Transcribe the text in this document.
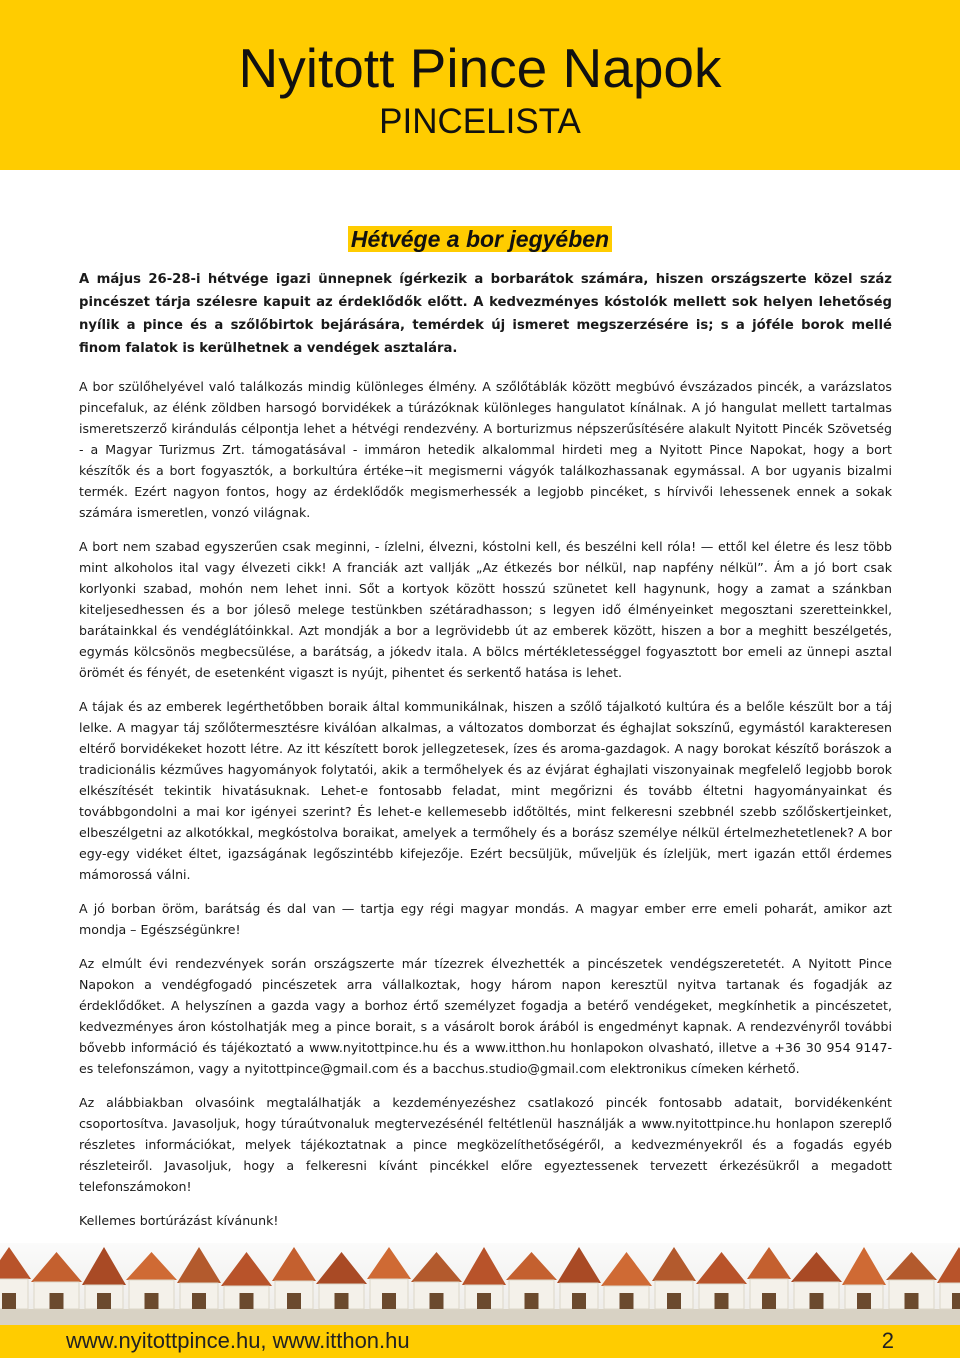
Nyitott Pince Napok
PINCELISTA
Hétvége a bor jegyében

A május 26-28-i hétvége igazi ünnepnek ígérkezik a borbarátok számára, hiszen országszerte közel száz pincészet tárja szélesre kapuit az érdeklődők előtt. A kedvezményes kóstolók mellett sok helyen lehetőség nyílik a pince és a szőlőbirtok bejárására, temérdek új ismeret megszerzésére is; s a jóféle borok mellé finom falatok is kerülhetnek a vendégek asztalára.

A bor szülőhelyével való találkozás mindig különleges élmény. A szőlőtáblák között megbúvó évszázados pincék, a varázslatos pincefaluk, az élénk zöldben harsogó borvidékek a túrázóknak különleges hangulatot kínálnak. A jó hangulat mellett tartalmas ismeretszerző kirándulás célpontja lehet a hétvégi rendezvény. A borturizmus népszerűsítésére alakult Nyitott Pincék Szövetség - a Magyar Turizmus Zrt. támogatásával - immáron hetedik alkalommal hirdeti meg a Nyitott Pince Napokat, hogy a bort készítők és a bort fogyasztók, a borkultúra értéke¬it megismerni vágyók találkozhassanak egymással. A bor ugyanis bizalmi termék. Ezért nagyon fontos, hogy az érdeklődők megismerhessék a legjobb pincéket, s hírvivői lehessenek ennek a sokak számára ismeretlen, vonzó világnak.

A bort nem szabad egyszerűen csak meginni, - ízlelni, élvezni, kóstolni kell, és beszélni kell róla! — ettől kel életre és lesz több mint alkoholos ital vagy élvezeti cikk! A franciák azt vallják „Az étkezés bor nélkül, nap napfény nélkül”. Ám a jó bort csak korlyonki szabad, mohón nem lehet inni. Sőt a kortyok között hosszú szünetet kell hagynunk, hogy a zamat a szánkban kiteljesedhessen és a bor jólesõ melege testünkben szétáradhasson; s legyen idő élményeinket megosztani szeretteinkkel, barátainkkal és vendéglátóinkkal. Azt mondják a bor a legrövidebb út az emberek között, hiszen a bor a meghitt beszélgetés, egymás kölcsönös megbecsülése, a barátság, a jókedv itala. A bölcs mértékletességgel fogyasztott bor emeli az ünnepi asztal örömét és fényét, de esetenként vigaszt is nyújt, pihentet és serkentő hatása is lehet.

A tájak és az emberek legérthetőbben boraik által kommunikálnak, hiszen a szőlő tájalkotó kultúra és a belőle készült bor a táj lelke. A magyar táj szőlőtermesztésre kiválóan alkalmas, a változatos domborzat és éghajlat sokszínű, egymástól karakteresen eltérő borvidékeket hozott létre. Az itt készített borok jellegzetesek, ízes és aroma-gazdagok. A nagy borokat készítő borászok a tradicionális kézműves hagyományok folytatói, akik a termőhelyek és az évjárat éghajlati viszonyainak megfelelő legjobb borok elkészítését tekintik hivatásuknak. Lehet-e fontosabb feladat, mint megőrizni és tovább éltetni hagyományainkat és továbbgondolni a mai kor igényei szerint? És lehet-e kellemesebb időtöltés, mint felkeresni szebbnél szebb szőlőskertjeinket, elbeszélgetni az alkotókkal, megkóstolva boraikat, amelyek a termőhely és a borász személye nélkül értelmezhetetlenek? A bor egy-egy vidéket éltet, igazságának legőszintébb kifejezője. Ezért becsüljük, műveljük és ízleljük, mert igazán ettől érdemes mámorossá válni.

A jó borban öröm, barátság és dal van — tartja egy régi magyar mondás. A magyar ember erre emeli poharát, amikor azt mondja – Egészségünkre!

Az elmúlt évi rendezvények során országszerte már tízezrek élvezhették a pincészetek vendégszeretetét. A Nyitott Pince Napokon a vendégfogadó pincészetek arra vállalkoztak, hogy három napon keresztül nyitva tartanak és fogadják az érdeklődőket. A helyszínen a gazda vagy a borhoz értő személyzet fogadja a betérő vendégeket, megkínhetik a pincészetet, kedvezményes áron kóstolhatják meg a pince borait, s a vásárolt borok árából is engedményt kapnak. A rendezvényről további bővebb információ és tájékoztató a www.nyitottpince.hu és a www.itthon.hu honlapokon olvasható, illetve a +36 30 954 9147-es telefonszámon, vagy a nyitottpince@gmail.com és a bacchus.studio@gmail.com elektronikus címeken kérhető.

Az alábbiakban olvasóink megtalálhatják a kezdeményezéshez csatlakozó pincék fontosabb adatait, borvidékenként csoportosítva. Javasoljuk, hogy túraútvonaluk megtervezésénél feltétlenül használják a www.nyitottpince.hu honlapon szereplő részletes információkat, melyek tájékoztatnak a pince megközelíthetőségéről, a kedvezményekről és a fogadás egyéb részleteiről. Javasoljuk, hogy a felkeresni kívánt pincékkel előre egyeztessenek tervezett érkezésükről a megadott telefonszámokon!

Kellemes bortúrázást kívánunk!

www.nyitottpince.hu, www.itthon.hu	2
